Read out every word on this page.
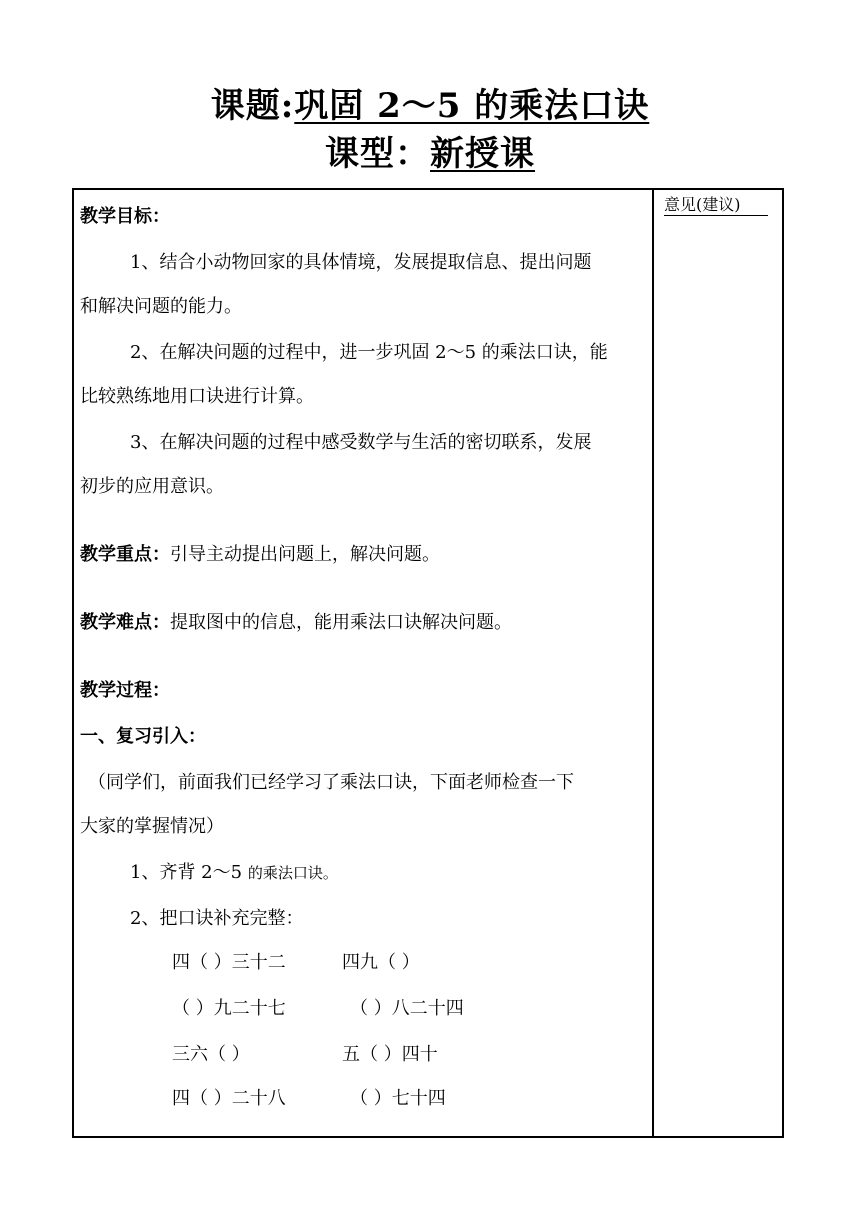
课题:巩固 2～5 的乘法口诀
课型：新授课
意见(建议)
教学目标：
1、结合小动物回家的具体情境，发展提取信息、提出问题
和解决问题的能力。
2、在解决问题的过程中，进一步巩固 2～5 的乘法口诀，能
比较熟练地用口诀进行计算。
3、在解决问题的过程中感受数学与生活的密切联系，发展
初步的应用意识。
教学重点：引导主动提出问题上，解决问题。
教学难点：提取图中的信息，能用乘法口诀解决问题。
教学过程：
一、复习引入：
（同学们，前面我们已经学习了乘法口诀，下面老师检查一下
大家的掌握情况）
1、齐背 2～5 的乘法口诀。
2、把口诀补充完整：
四（ ）三十二	四九（ ）
（ ）九二十七	（ ）八二十四
三六（ ）	五（ ）四十
四（ ）二十八	（ ）七十四
